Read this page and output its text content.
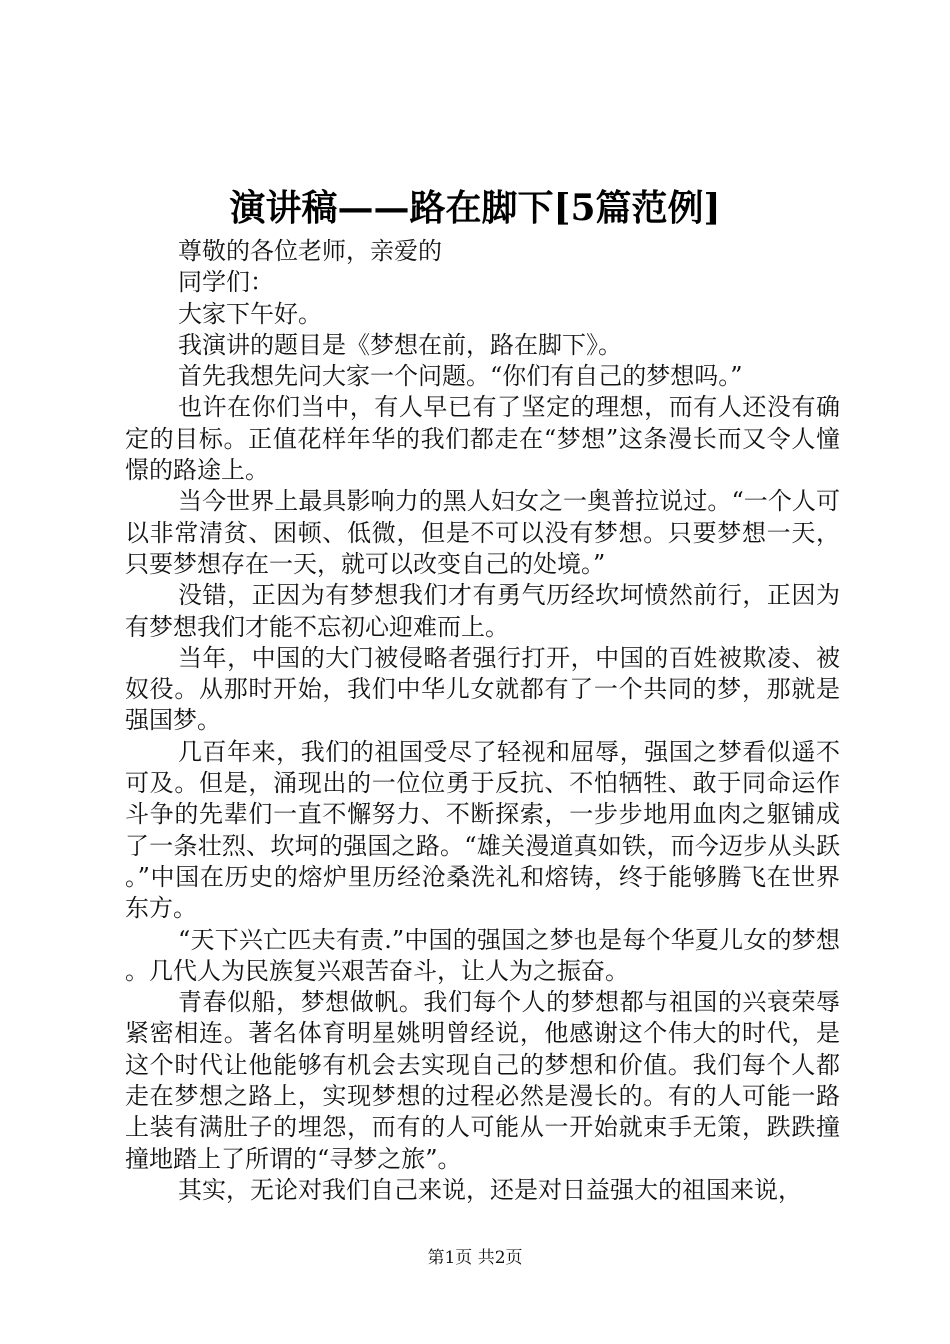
演讲稿——路在脚下[5篇范例]

尊敬的各位老师，亲爱的

同学们：

大家下午好。

我演讲的题目是《梦想在前，路在脚下》。

首先我想先问大家一个问题。“你们有自己的梦想吗。”

也许在你们当中，有人早已有了坚定的理想，而有人还没有确定的目标。正值花样年华的我们都走在“梦想”这条漫长而又令人憧憬的路途上。

当今世界上最具影响力的黑人妇女之一奥普拉说过。“一个人可以非常清贫、困顿、低微，但是不可以没有梦想。只要梦想一天，只要梦想存在一天，就可以改变自己的处境。”

没错，正因为有梦想我们才有勇气历经坎坷愤然前行，正因为有梦想我们才能不忘初心迎难而上。

当年，中国的大门被侵略者强行打开，中国的百姓被欺凌、被奴役。从那时开始，我们中华儿女就都有了一个共同的梦，那就是强国梦。

几百年来，我们的祖国受尽了轻视和屈辱，强国之梦看似遥不可及。但是，涌现出的一位位勇于反抗、不怕牺牲、敢于同命运作斗争的先辈们一直不懈努力、不断探索，一步步地用血肉之躯铺成了一条壮烈、坎坷的强国之路。“雄关漫道真如铁，而今迈步从头跃。”中国在历史的熔炉里历经沧桑洗礼和熔铸，终于能够腾飞在世界东方。

“天下兴亡匹夫有责.”中国的强国之梦也是每个华夏儿女的梦想。几代人为民族复兴艰苦奋斗，让人为之振奋。

青春似船，梦想做帆。我们每个人的梦想都与祖国的兴衰荣辱紧密相连。著名体育明星姚明曾经说，他感谢这个伟大的时代，是这个时代让他能够有机会去实现自己的梦想和价值。我们每个人都走在梦想之路上，实现梦想的过程必然是漫长的。有的人可能一路上装有满肚子的埋怨，而有的人可能从一开始就束手无策，跌跌撞撞地踏上了所谓的“寻梦之旅”。

其实，无论对我们自己来说，还是对日益强大的祖国来说，

第1页 共2页
